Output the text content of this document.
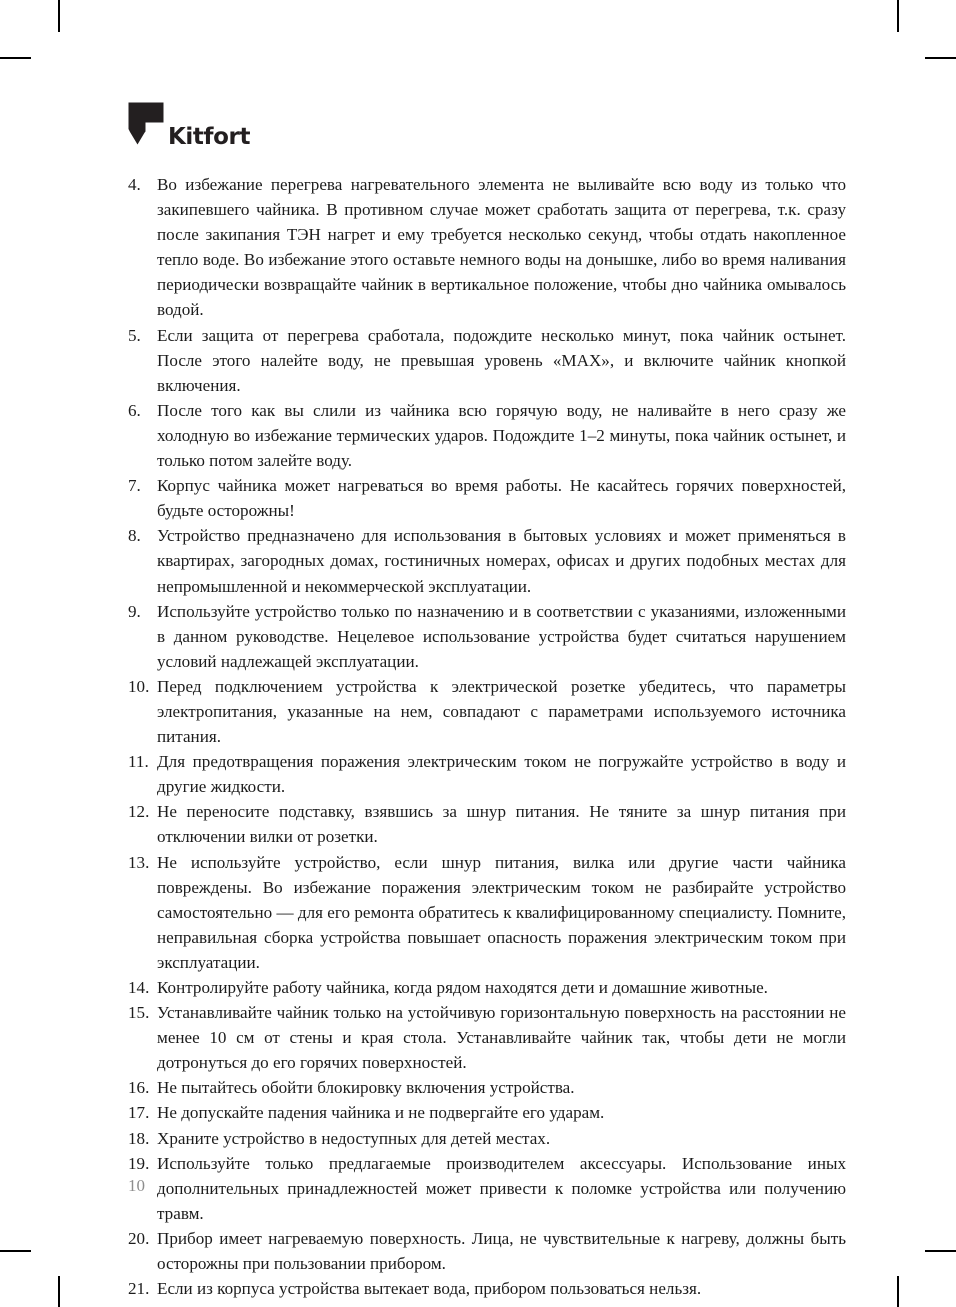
Kitfort
4. Во избежание перегрева нагревательного элемента не выливайте всю воду из только что закипевшего чайника. В противном случае может сработать защита от перегрева, т.к. сразу после закипания ТЭН нагрет и ему требуется несколько секунд, чтобы отдать накопленное тепло воде. Во избежание этого оставьте немного воды на донышке, либо во время наливания периодически возвращайте чайник в вертикальное положение, чтобы дно чайника омывалось водой.
5. Если защита от перегрева сработала, подождите несколько минут, пока чайник остынет. После этого налейте воду, не превышая уровень «MAX», и включите чайник кнопкой включения.
6. После того как вы слили из чайника всю горячую воду, не наливайте в него сразу же холодную во избежание термических ударов. Подождите 1–2 минуты, пока чайник остынет, и только потом залейте воду.
7. Корпус чайника может нагреваться во время работы. Не касайтесь горячих поверхностей, будьте осторожны!
8. Устройство предназначено для использования в бытовых условиях и может применяться в квартирах, загородных домах, гостиничных номерах, офисах и других подобных местах для непромышленной и некоммерческой эксплуатации.
9. Используйте устройство только по назначению и в соответствии с указаниями, изложенными в данном руководстве. Нецелевое использование устройства будет считаться нарушением условий надлежащей эксплуатации.
10. Перед подключением устройства к электрической розетке убедитесь, что параметры электропитания, указанные на нем, совпадают с параметрами используемого источника питания.
11. Для предотвращения поражения электрическим током не погружайте устройство в воду и другие жидкости.
12. Не переносите подставку, взявшись за шнур питания. Не тяните за шнур питания при отключении вилки от розетки.
13. Не используйте устройство, если шнур питания, вилка или другие части чайника повреждены. Во избежание поражения электрическим током не разбирайте устройство самостоятельно — для его ремонта обратитесь к квалифицированному специалисту. Помните, неправильная сборка устройства повышает опасность поражения электрическим током при эксплуатации.
14. Контролируйте работу чайника, когда рядом находятся дети и домашние животные.
15. Устанавливайте чайник только на устойчивую горизонтальную поверхность на расстоянии не менее 10 см от стены и края стола. Устанавливайте чайник так, чтобы дети не могли дотронуться до его горячих поверхностей.
16. Не пытайтесь обойти блокировку включения устройства.
17. Не допускайте падения чайника и не подвергайте его ударам.
18. Храните устройство в недоступных для детей местах.
19. Используйте только предлагаемые производителем аксессуары. Использование иных дополнительных принадлежностей может привести к поломке устройства или получению травм.
20. Прибор имеет нагреваемую поверхность. Лица, не чувствительные к нагреву, должны быть осторожны при пользовании прибором.
21. Если из корпуса устройства вытекает вода, прибором пользоваться нельзя.
10
